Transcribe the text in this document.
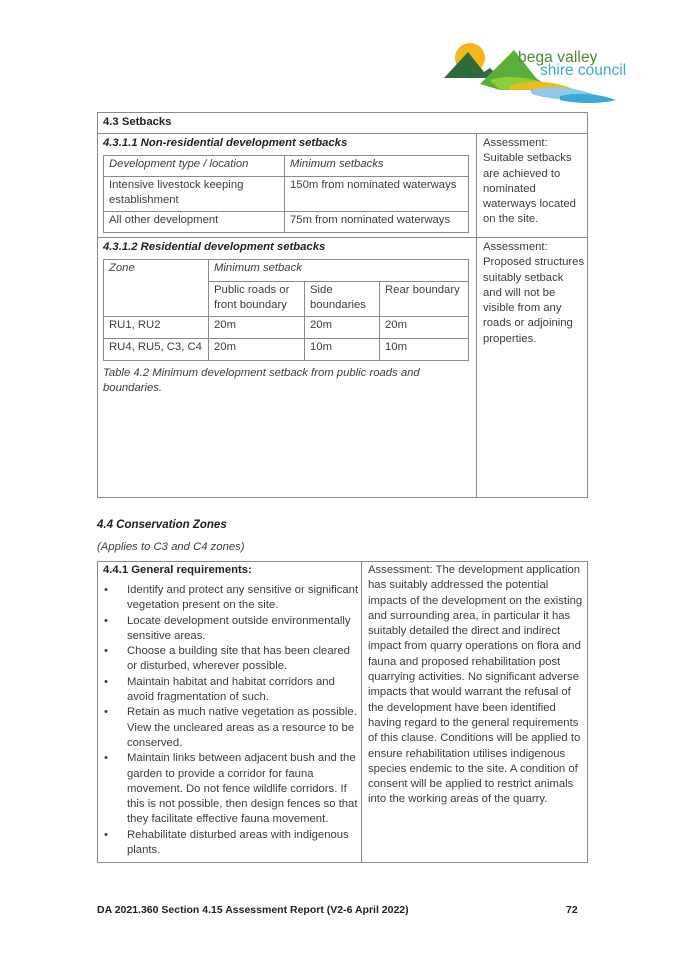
bega valley
shire council
4.3 Setbacks
4.3.1.1 Non-residential development setbacks
Development type / location	Minimum setbacks
Intensive livestock keeping establishment	150m from nominated waterways
All other development	75m from nominated waterways
Assessment: Suitable setbacks are achieved to nominated waterways located on the site.
4.3.1.2 Residential development setbacks
Zone	Minimum setback		
	Public roads or front boundary	Side boundaries	Rear boundary
RU1, RU2	20m	20m	20m
RU4, RU5, C3, C4	20m	10m	10m
Table 4.2 Minimum development setback from public roads and boundaries.
Assessment: Proposed structures suitably setback and will not be visible from any roads or adjoining properties.
4.4 Conservation Zones
(Applies to C3 and C4 zones)
4.4.1 General requirements:
• Identify and protect any sensitive or significant vegetation present on the site.
• Locate development outside environmentally sensitive areas.
• Choose a building site that has been cleared or disturbed, wherever possible.
• Maintain habitat and habitat corridors and avoid fragmentation of such.
• Retain as much native vegetation as possible. View the uncleared areas as a resource to be conserved.
• Maintain links between adjacent bush and the garden to provide a corridor for fauna movement. Do not fence wildlife corridors. If this is not possible, then design fences so that they facilitate effective fauna movement.
• Rehabilitate disturbed areas with indigenous plants.
Assessment: The development application has suitably addressed the potential impacts of the development on the existing and surrounding area, in particular it has suitably detailed the direct and indirect impact from quarry operations on flora and fauna and proposed rehabilitation post quarrying activities. No significant adverse impacts that would warrant the refusal of the development have been identified having regard to the general requirements of this clause. Conditions will be applied to ensure rehabilitation utilises indigenous species endemic to the site. A condition of consent will be applied to restrict animals into the working areas of the quarry.
DA 2021.360 Section 4.15 Assessment Report (V2-6 April 2022)	72
